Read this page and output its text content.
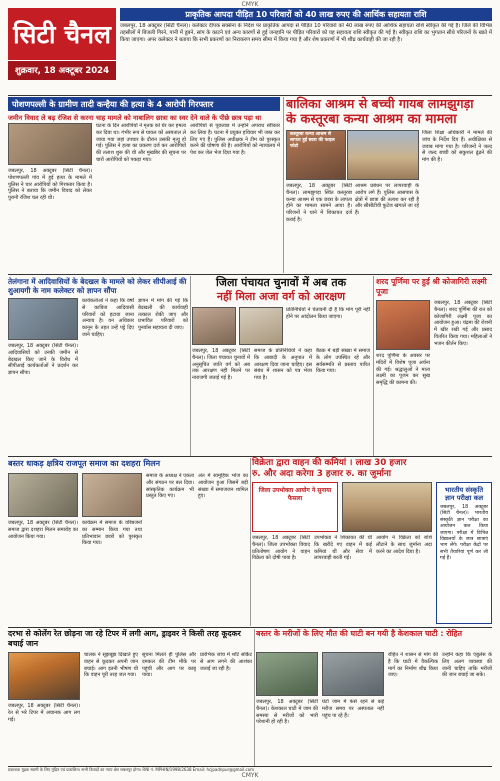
CMYK
सिटी चैनल
शुक्रवार, 18 अक्टूबर 2024
प्राकृतिक आपदा पीड़ित 10 परिवारों को 40 लाख रुपए की आर्थिक सहायता राशि
जबलपुर, 18 अक्टूबर (सिटी चैनल)। कलेक्टर दीपक सक्सेना के निर्देश पर प्राकृतिक आपदा से पीड़ित 10 परिवारों को 40 लाख रुपए की आर्थिक सहायता राशि स्वीकृत की गई है। जिले की विभिन्न तहसीलों में बिजली गिरने, पानी में डूबने, सांप के काटने एवं अन्य कारणों से हुई जनहानि पर पीड़ित परिवारों को यह सहायता राशि स्वीकृत की गई है। स्वीकृत राशि का भुगतान सीधे परिजनों के खाते में किया जाएगा। अपर कलेक्टर ने बताया कि सभी प्रकरणों का निराकरण समय सीमा में किया गया है और शेष प्रकरणों में भी शीघ्र कार्यवाही की जा रही है।
पोशणपल्ली के ग्रामीण तादी कन्हैया की हत्या के 4 आरोपी गिरफ्तार
जमीन विवाद ले बढ़ रंजिश से करना चाह मामले को नाबालिग छात्रा का स्वर देने वाले के पीछे छात्र पड़ा था
जबलपुर, 18 अक्टूबर (सिटी चैनल)। पोशणपल्ली गांव में हुई हत्या के मामले में पुलिस ने चार आरोपियों को गिरफ्तार किया है। पुलिस ने बताया कि जमीन विवाद को लेकर पुरानी रंजिश चल रही थी।
घटना के दिन आरोपियों ने मृतक को घेर कर हमला कर दिया था। गंभीर रूप से घायल को अस्पताल ले जाया गया जहां उपचार के दौरान उसकी मृत्यु हो गई। पुलिस ने हत्या का प्रकरण दर्ज कर आरोपियों की तलाश शुरू की थी और मुखबिर की सूचना पर चारों आरोपियों को पकड़ा गया।
आरोपियों से पूछताछ में उन्होंने अपराध स्वीकार कर लिया है। घटना में प्रयुक्त हथियार भी जब्त कर लिए गए हैं। पुलिस अधीक्षक ने टीम को पुरस्कृत करने की घोषणा की है। आरोपियों को न्यायालय में पेश कर जेल भेज दिया गया है।
बालिका आश्रम से बच्ची गायब लामझुगड़ा
के कस्तूरबा कन्या आश्रम का मामला
कस्तूरबा कन्या आश्रम से लापता हुई छात्रा की फाइल फोटो
जिला शिक्षा अधिकारी ने मामले की जांच के निर्देश दिए हैं। अधीक्षिका से जवाब मांगा गया है। परिजनों ने जल्द से जल्द बच्ची को सकुशल ढूंढने की मांग की है।
जबलपुर, 18 अक्टूबर (सिटी चैनल)। लामझुगड़ा स्थित कस्तूरबा कन्या आश्रम से एक छात्रा के लापता होने का मामला सामने आया है। परिजनों ने थाने में शिकायत दर्ज कराई है।
आश्रम प्रबंधन पर लापरवाही के आरोप लगे हैं। पुलिस आसपास के क्षेत्रों में छात्रा की तलाश कर रही है और सीसीटीवी फुटेज खंगाले जा रहे हैं।
तेलंगाना में आदिवासियों के बेदखल के मामले को लेकर सीपीआई की शुआयगी के नाम कलेक्टर को ज्ञापन सौंपा
जबलपुर, 18 अक्टूबर (सिटी चैनल)। आदिवासियों को उनकी जमीन से बेदखल किए जाने के विरोध में सीपीआई कार्यकर्ताओं ने प्रदर्शन कर ज्ञापन सौंपा।
कार्यकर्ताओं ने कहा कि वर्षों से काबिज आदिवासी परिवारों को हटाया जाना अन्याय है। वन अधिकार कानून के तहत उन्हें पट्टे दिए जाने चाहिए।
ज्ञापन में मांग की गई कि बेदखली की कार्यवाही तत्काल रोकी जाए और प्रभावित परिवारों को पुनर्वास सहायता दी जाए।
जिला पंचायत चुनावों में अब तक
नहीं मिला अजा वर्ग को आरक्षण
प्रतिनिधियों ने चेतावनी दी है कि मांग पूरी नहीं होने पर आंदोलन किया जाएगा।
जबलपुर, 18 अक्टूबर (सिटी चैनल)। जिला पंचायत चुनावों में अनुसूचित जाति वर्ग को अब तक आरक्षण नहीं मिलने पर नाराजगी जताई गई है।
समाज के प्रतिनिधियों ने कहा कि आबादी के अनुपात में आरक्षण दिया जाना चाहिए। इस संबंध में शासन को पत्र भेजा गया है।
बैठक में बड़ी संख्या में समाज के लोग उपस्थित रहे और सर्वसम्मति से प्रस्ताव पारित किया गया।
शरद पूर्णिमा पर हुई श्री कोजागिरी लक्ष्मी पूजा
जबलपुर, 18 अक्टूबर (सिटी चैनल)। शरद पूर्णिमा की रात को कोजागिरी लक्ष्मी पूजा का आयोजन हुआ। चंद्रमा की रोशनी में खीर रखी गई और प्रसाद वितरित किया गया। महिलाओं ने भजन कीर्तन किए।
शरद पूर्णिमा के अवसर पर मंदिरों में विशेष पूजा अर्चना की गई। श्रद्धालुओं ने माता लक्ष्मी का पूजन कर सुख समृद्धि की कामना की।
बस्तर धाकड़ क्षत्रिय राजपूत समाज का दशहरा मिलन
जबलपुर, 18 अक्टूबर (सिटी चैनल)। समाज द्वारा दशहरा मिलन समारोह का आयोजन किया गया।
कार्यक्रम में समाज के वरिष्ठजनों का सम्मान किया गया तथा प्रतिभावान छात्रों को पुरस्कृत किया गया।
समाज के अध्यक्ष ने एकता और संगठन पर बल दिया। सांस्कृतिक कार्यक्रम भी प्रस्तुत किए गए।
अंत में सामूहिक भोज का आयोजन हुआ जिसमें बड़ी संख्या में समाजजन शामिल हुए।
विक्रेता द्वारा वाहन की कमियां । लाख 30 हजार
रु. और अदा करेगा 3 हजार रु. का जुर्माना
जिला उपभोक्ता आयोग ने सुनाया फैसला
जबलपुर, 18 अक्टूबर (सिटी चैनल)। जिला उपभोक्ता विवाद प्रतितोषण आयोग ने वाहन विक्रेता को दोषी पाया है।
उपभोक्ता ने शिकायत की थी कि खरीदे गए वाहन में कई कमियां थीं और सेवा में लापरवाही बरती गई।
आयोग ने विक्रेता को राशि लौटाने के साथ जुर्माना अदा करने का आदेश दिया है।
भारतीय संस्कृति ज्ञान परीक्षा कल
जबलपुर, 18 अक्टूबर (सिटी चैनल)। भारतीय संस्कृति ज्ञान परीक्षा का आयोजन कल किया जाएगा। परीक्षा में विभिन्न विद्यालयों के छात्र छात्राएं भाग लेंगे। परीक्षा केंद्रों पर सभी तैयारियां पूर्ण कर ली गई हैं।
दरभा से कोलेंग रेत छोड़ना जा रहे टिपर में लगी आग, ड्राइवर ने किसी तरह कूदकर बचाई जान
जबलपुर, 18 अक्टूबर (सिटी चैनल)। रेत से भरे टिपर में अचानक आग लग गई।
चालक ने सूझबूझ दिखाते हुए वाहन से कूदकर अपनी जान बचाई। आग इतनी भीषण थी कि वाहन पूरी तरह जल गया।
सूचना मिलते ही पुलिस और दमकल की टीम मौके पर पहुंची और आग पर काबू पाया।
प्रारंभिक जांच में शॉर्ट सर्किट से आग लगने की आशंका जताई जा रही है।
बस्तर के मरीजों के लिए मौत की घाटी बन गयी है केशकाल घाटी : रोहित
जबलपुर, 18 अक्टूबर (सिटी चैनल)। केशकाल घाटी में जाम की समस्या से मरीजों को भारी परेशानी हो रही है।
घंटों जाम में फंसे रहने से कई मरीज समय पर अस्पताल नहीं पहुंच पा रहे हैं।
रोहित ने शासन से मांग की है कि घाटी में वैकल्पिक मार्ग का निर्माण शीघ्र किया जाए।
उन्होंने कहा कि एंबुलेंस के लिए अलग व्यवस्था की जानी चाहिए ताकि मरीजों की जान बचाई जा सके।
प्रकाशक मुद्रक स्वामी के लिए मुद्रित एवं प्रकाशित। सभी विवादों का न्याय क्षेत्र जबलपुर होगा। RNI नं. MPHIN/1998/2638 Email: hcjpadnpur@gmail.com
CMYK
